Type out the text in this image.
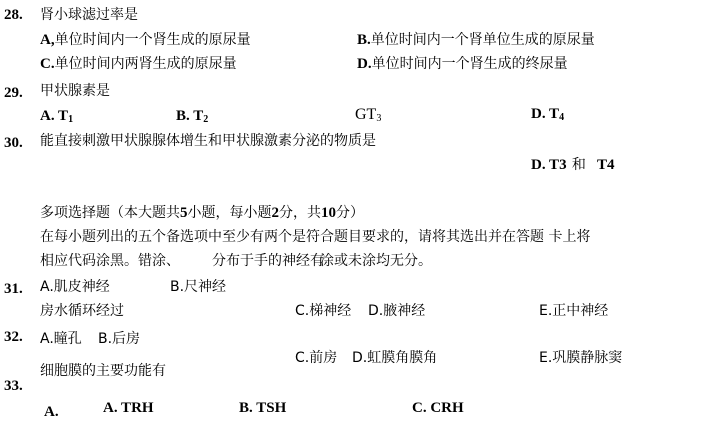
28. 肾小球滤过率是
A,单位时间内一个肾生成的原尿量	B.单位时间内一个肾单位生成的原尿量
C.单位时间内两肾生成的原尿量	D.单位时间内一个肾生成的终尿量
29. 甲状腺素是
A. $T_1$	B. $T_2$	$GT_3$	D. $T_4$
30. 能直接刺激甲状腺腺体增生和甲状腺激素分泌的物质是
D. T3 和 T4
多项选择题（本大题共5小题，每小题2分，共10分）
在每小题列出的五个备选项中至少有两个是符合题目要求的，请将其选出并在答题 卡上将
相应代码涂黑。错涂、 分布于手的神经有
涂或未涂均无分。
31. A.肌皮神经	B.尺神经
房水循环经过	C.梯神经 D.腋神经	E.正中神经
32. A.瞳孔 B.后房
C.前房 D.虹膜角膜角	E.巩膜静脉窦
细胞膜的主要功能有
33.
A.	A. TRH	B. TSH	C. CRH
